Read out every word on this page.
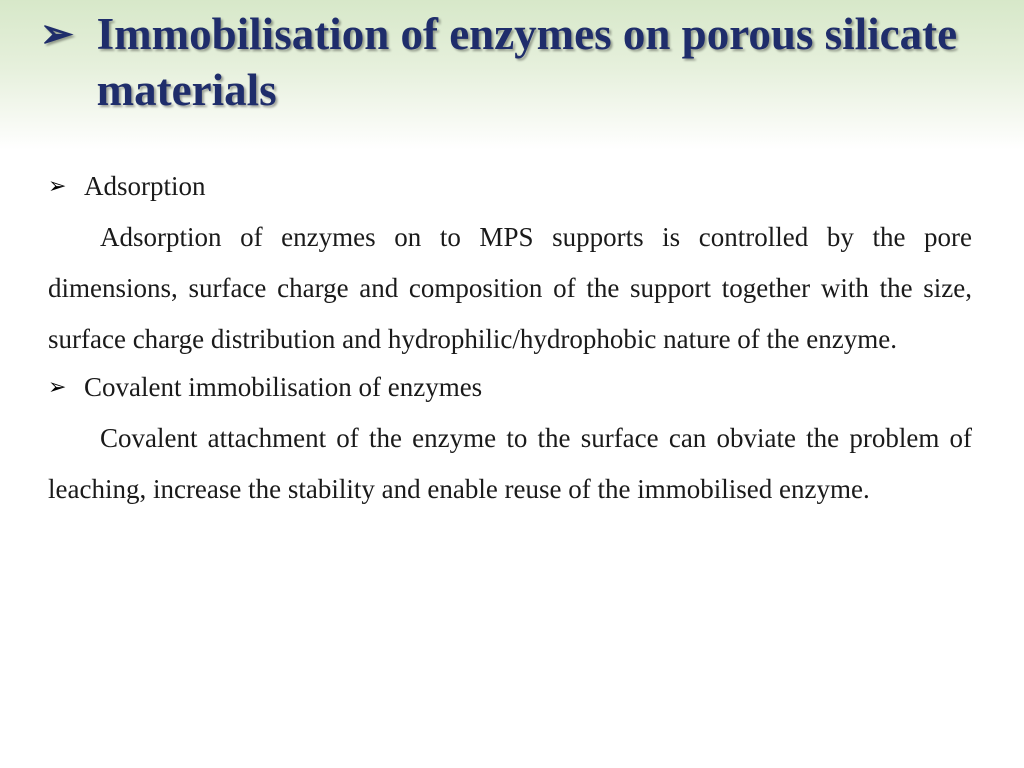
➢ Immobilisation of enzymes on porous silicate materials
➢ Adsorption

Adsorption of enzymes on to MPS supports is controlled by the pore dimensions, surface charge and composition of the support together with the size, surface charge distribution and hydrophilic/hydrophobic nature of the enzyme.

➢ Covalent immobilisation of enzymes

Covalent attachment of the enzyme to the surface can obviate the problem of leaching, increase the stability and enable reuse of the immobilised enzyme.
